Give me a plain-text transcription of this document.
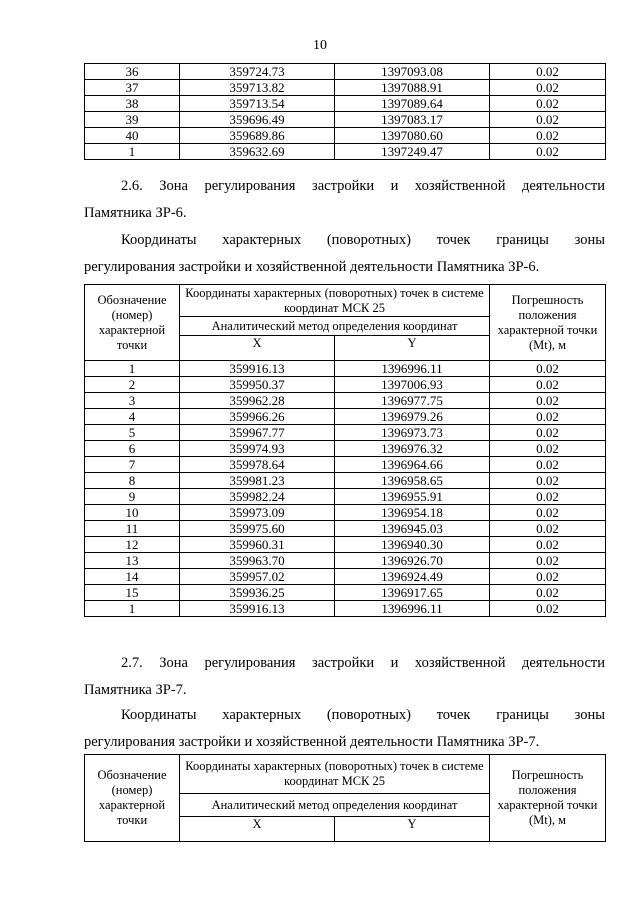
10
36	359724.73	1397093.08	0.02
37	359713.82	1397088.91	0.02
38	359713.54	1397089.64	0.02
39	359696.49	1397083.17	0.02
40	359689.86	1397080.60	0.02
1	359632.69	1397249.47	0.02
2.6. Зона регулирования застройки и хозяйственной деятельности
Памятника ЗР-6.
Координаты характерных (поворотных) точек границы зоны
регулирования застройки и хозяйственной деятельности Памятника ЗР-6.
Обозначение (номер) характерной точки	Координаты характерных (поворотных) точек в системе координат МСК 25		Погрешность положения характерной точки (Mt), м
	Аналитический метод определения координат		
	X	Y	
1	359916.13	1396996.11	0.02
2	359950.37	1397006.93	0.02
3	359962.28	1396977.75	0.02
4	359966.26	1396979.26	0.02
5	359967.77	1396973.73	0.02
6	359974.93	1396976.32	0.02
7	359978.64	1396964.66	0.02
8	359981.23	1396958.65	0.02
9	359982.24	1396955.91	0.02
10	359973.09	1396954.18	0.02
11	359975.60	1396945.03	0.02
12	359960.31	1396940.30	0.02
13	359963.70	1396926.70	0.02
14	359957.02	1396924.49	0.02
15	359936.25	1396917.65	0.02
1	359916.13	1396996.11	0.02
2.7. Зона регулирования застройки и хозяйственной деятельности
Памятника ЗР-7.
Координаты характерных (поворотных) точек границы зоны
регулирования застройки и хозяйственной деятельности Памятника ЗР-7.
Обозначение (номер) характерной точки	Координаты характерных (поворотных) точек в системе координат МСК 25		Погрешность положения характерной точки (Mt), м
	Аналитический метод определения координат		
	X	Y	
